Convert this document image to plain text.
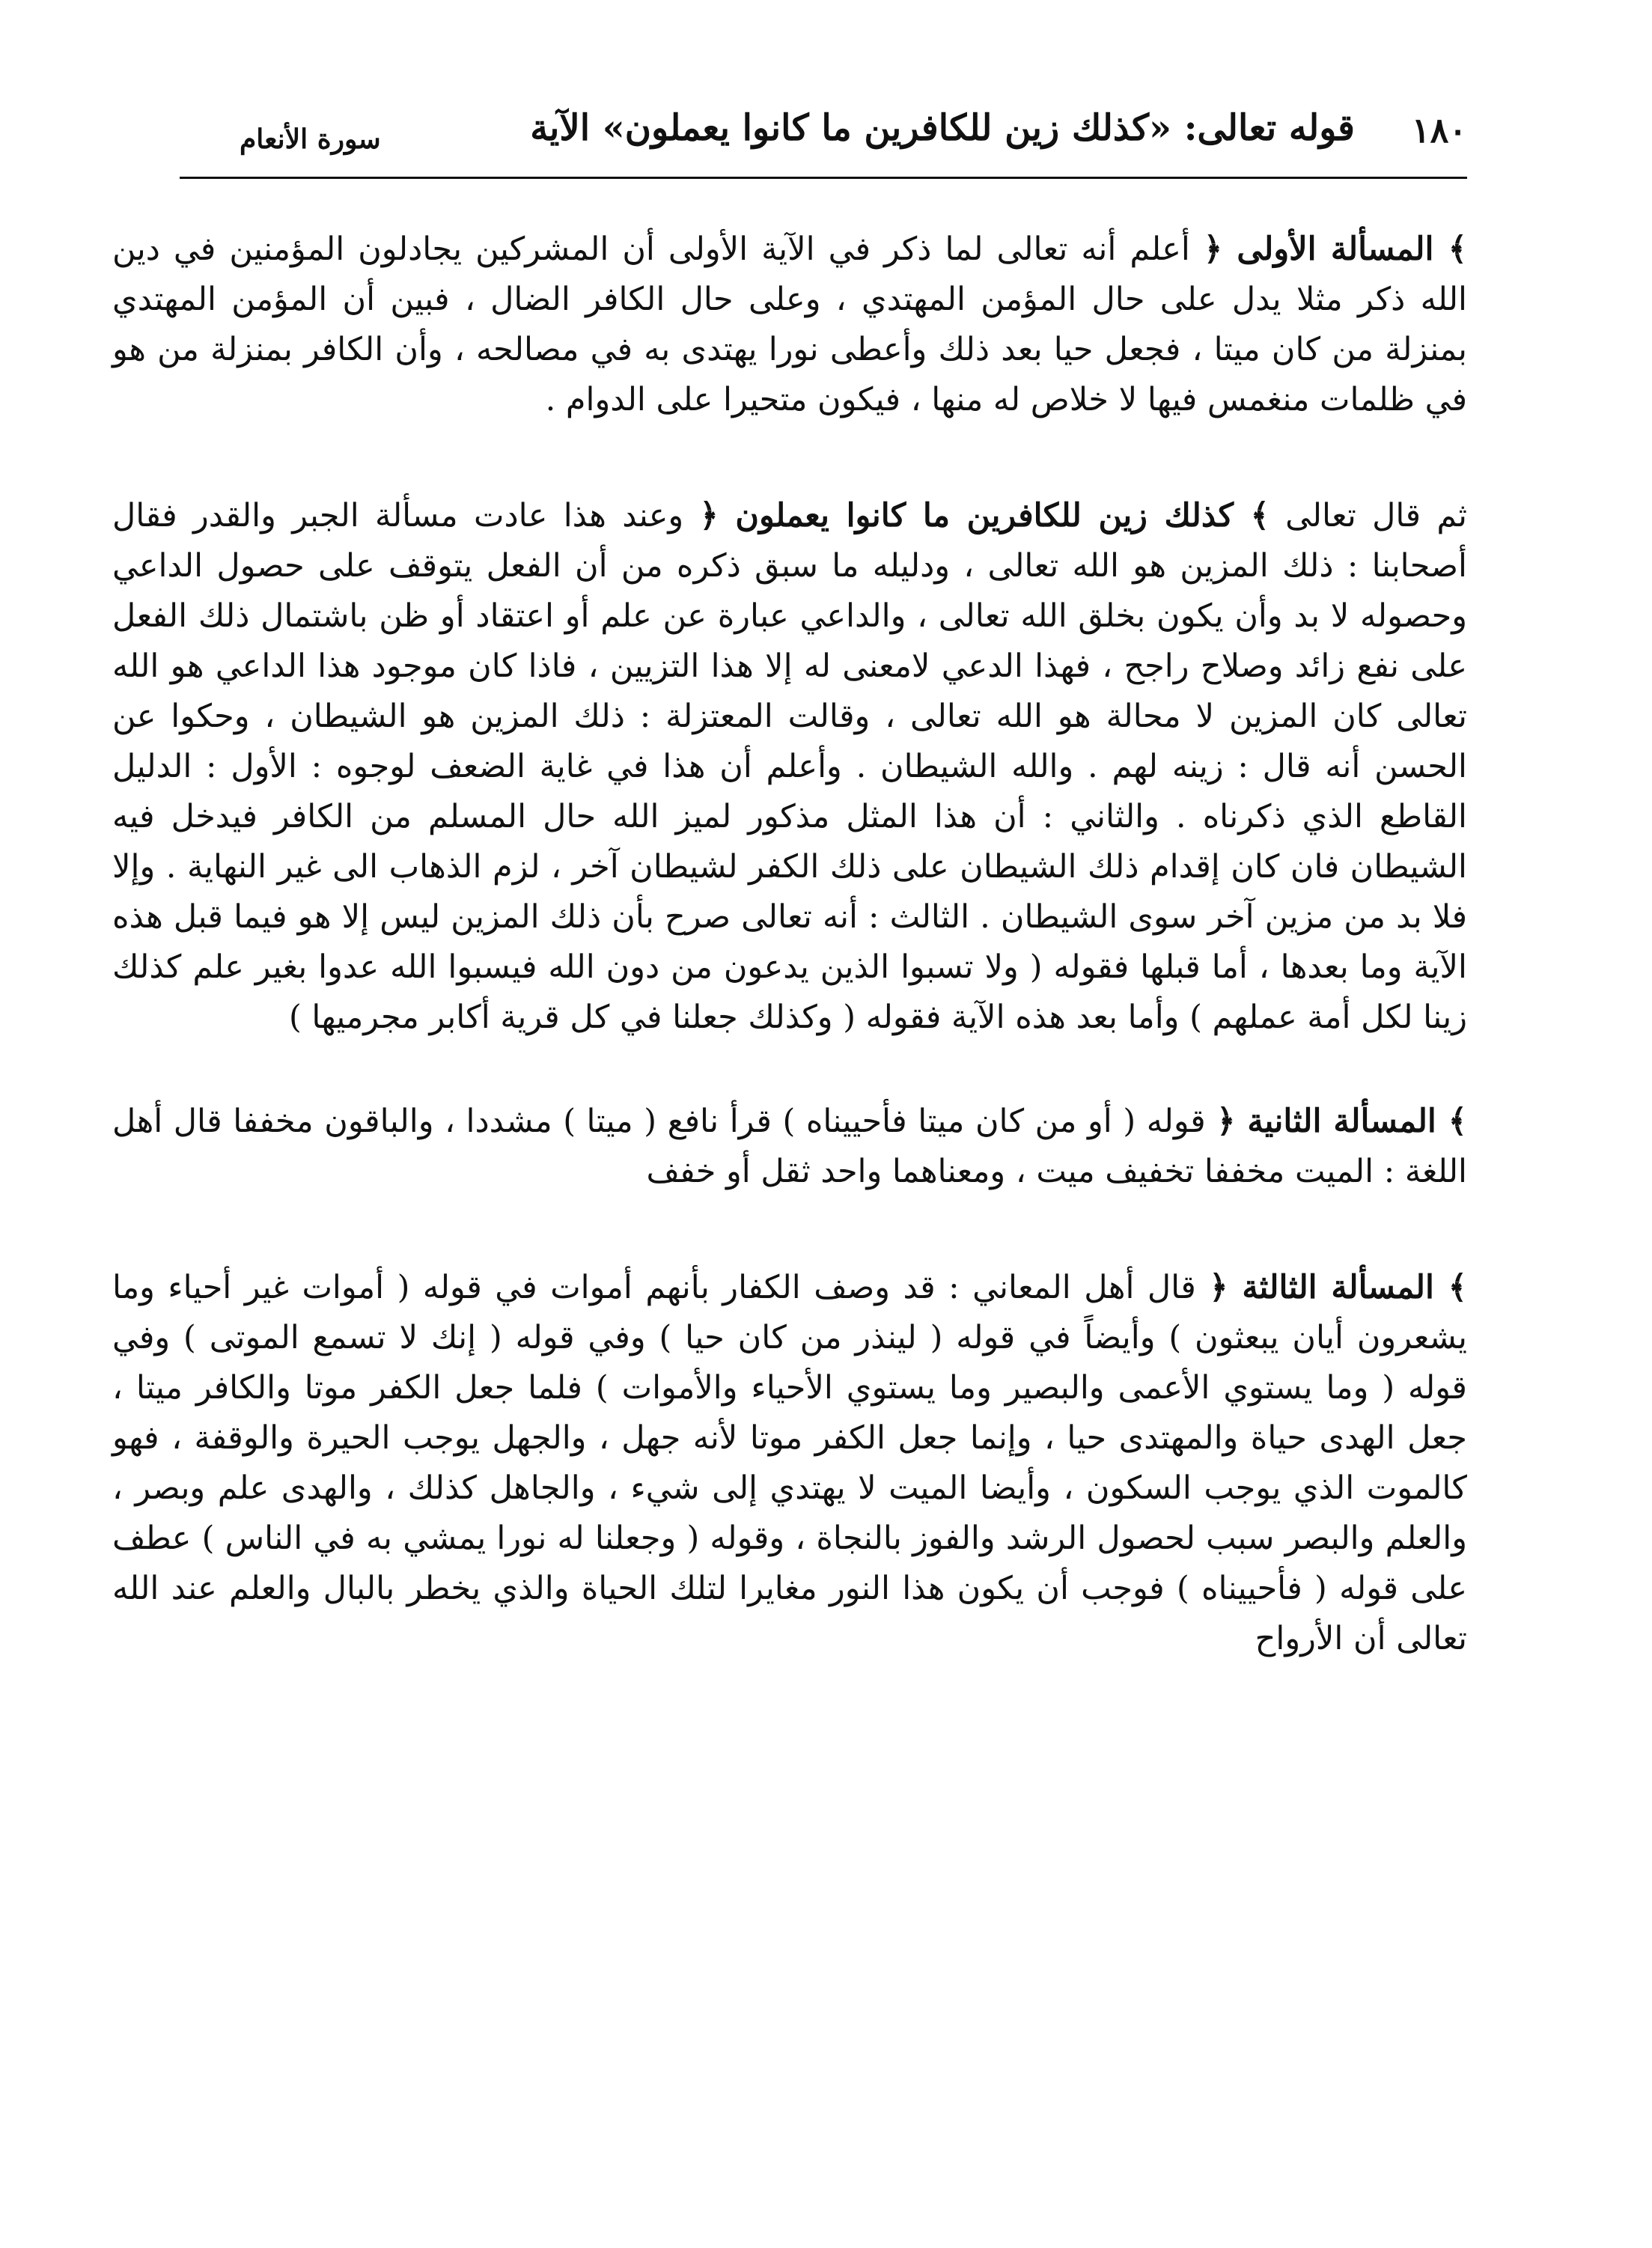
١٨٠
قوله تعالى: «كذلك زين للكافرين ما كانوا يعملون» الآية
سورة الأنعام

﴾ المسألة الأولى ﴿ أعلم أنه تعالى لما ذكر في الآية الأولى أن المشركين يجادلون المؤمنين في دين الله ذكر مثلا يدل على حال المؤمن المهتدي ، وعلى حال الكافر الضال ، فبين أن المؤمن المهتدي بمنزلة من كان ميتا ، فجعل حيا بعد ذلك وأعطى نورا يهتدى به في مصالحه ، وأن الكافر بمنزلة من هو في ظلمات منغمس فيها لا خلاص له منها ، فيكون متحيرا على الدوام .

ثم قال تعالى ﴾ كذلك زين للكافرين ما كانوا يعملون ﴿ وعند هذا عادت مسألة الجبر والقدر فقال أصحابنا : ذلك المزين هو الله تعالى ، ودليله ما سبق ذكره من أن الفعل يتوقف على حصول الداعي وحصوله لا بد وأن يكون بخلق الله تعالى ، والداعي عبارة عن علم أو اعتقاد أو ظن باشتمال ذلك الفعل على نفع زائد وصلاح راجح ، فهذا الدعي لامعنى له إلا هذا التزيين ، فاذا كان موجود هذا الداعي هو الله تعالى كان المزين لا محالة هو الله تعالى ، وقالت المعتزلة : ذلك المزين هو الشيطان ، وحكوا عن الحسن أنه قال : زينه لهم . والله الشيطان . وأعلم أن هذا في غاية الضعف لوجوه : الأول : الدليل القاطع الذي ذكرناه . والثاني : أن هذا المثل مذكور لميز الله حال المسلم من الكافر فيدخل فيه الشيطان فان كان إقدام ذلك الشيطان على ذلك الكفر لشيطان آخر ، لزم الذهاب الى غير النهاية . وإلا فلا بد من مزين آخر سوى الشيطان . الثالث : أنه تعالى صرح بأن ذلك المزين ليس إلا هو فيما قبل هذه الآية وما بعدها ، أما قبلها فقوله ( ولا تسبوا الذين يدعون من دون الله فيسبوا الله عدوا بغير علم كذلك زينا لكل أمة عملهم ) وأما بعد هذه الآية فقوله ( وكذلك جعلنا في كل قرية أكابر مجرميها )

﴾ المسألة الثانية ﴿ قوله ( أو من كان ميتا فأحييناه ) قرأ نافع ( ميتا ) مشددا ، والباقون مخففا قال أهل اللغة : الميت مخففا تخفيف ميت ، ومعناهما واحد ثقل أو خفف

﴾ المسألة الثالثة ﴿ قال أهل المعاني : قد وصف الكفار بأنهم أموات في قوله ( أموات غير أحياء وما يشعرون أيان يبعثون ) وأيضاً في قوله ( لينذر من كان حيا ) وفي قوله ( إنك لا تسمع الموتى ) وفي قوله ( وما يستوي الأعمى والبصير وما يستوي الأحياء والأموات ) فلما جعل الكفر موتا والكافر ميتا ، جعل الهدى حياة والمهتدى حيا ، وإنما جعل الكفر موتا لأنه جهل ، والجهل يوجب الحيرة والوقفة ، فهو كالموت الذي يوجب السكون ، وأيضا الميت لا يهتدي إلى شيء ، والجاهل كذلك ، والهدى علم وبصر ، والعلم والبصر سبب لحصول الرشد والفوز بالنجاة ، وقوله ( وجعلنا له نورا يمشي به في الناس ) عطف على قوله ( فأحييناه ) فوجب أن يكون هذا النور مغايرا لتلك الحياة والذي يخطر بالبال والعلم عند الله تعالى أن الأرواح
